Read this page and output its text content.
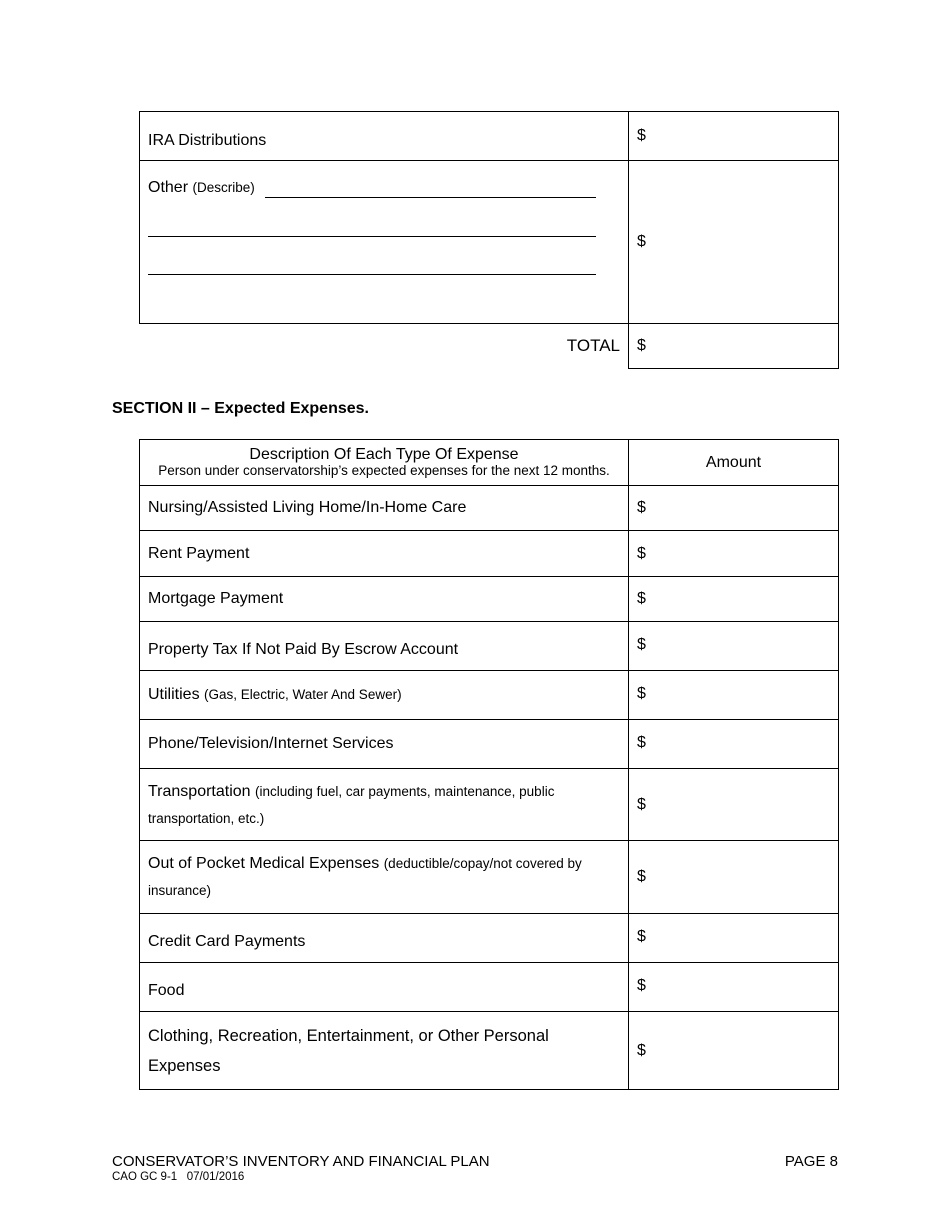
IRA Distributions	$
Other (Describe)	$
TOTAL	$
SECTION II – Expected Expenses.
Description Of Each Type Of Expense
Person under conservatorship’s expected expenses for the next 12 months.	Amount
Nursing/Assisted Living Home/In-Home Care	$
Rent Payment	$
Mortgage Payment	$
Property Tax If Not Paid By Escrow Account	$
Utilities (Gas, Electric, Water And Sewer)	$
Phone/Television/Internet Services	$
Transportation (including fuel, car payments, maintenance, public
transportation, etc.)	$
Out of Pocket Medical Expenses (deductible/copay/not covered by
insurance)	$
Credit Card Payments	$
Food	$
Clothing, Recreation, Entertainment, or Other Personal
Expenses	$
CONSERVATOR’S INVENTORY AND FINANCIAL PLAN
CAO GC 9-1   07/01/2016
PAGE 8
